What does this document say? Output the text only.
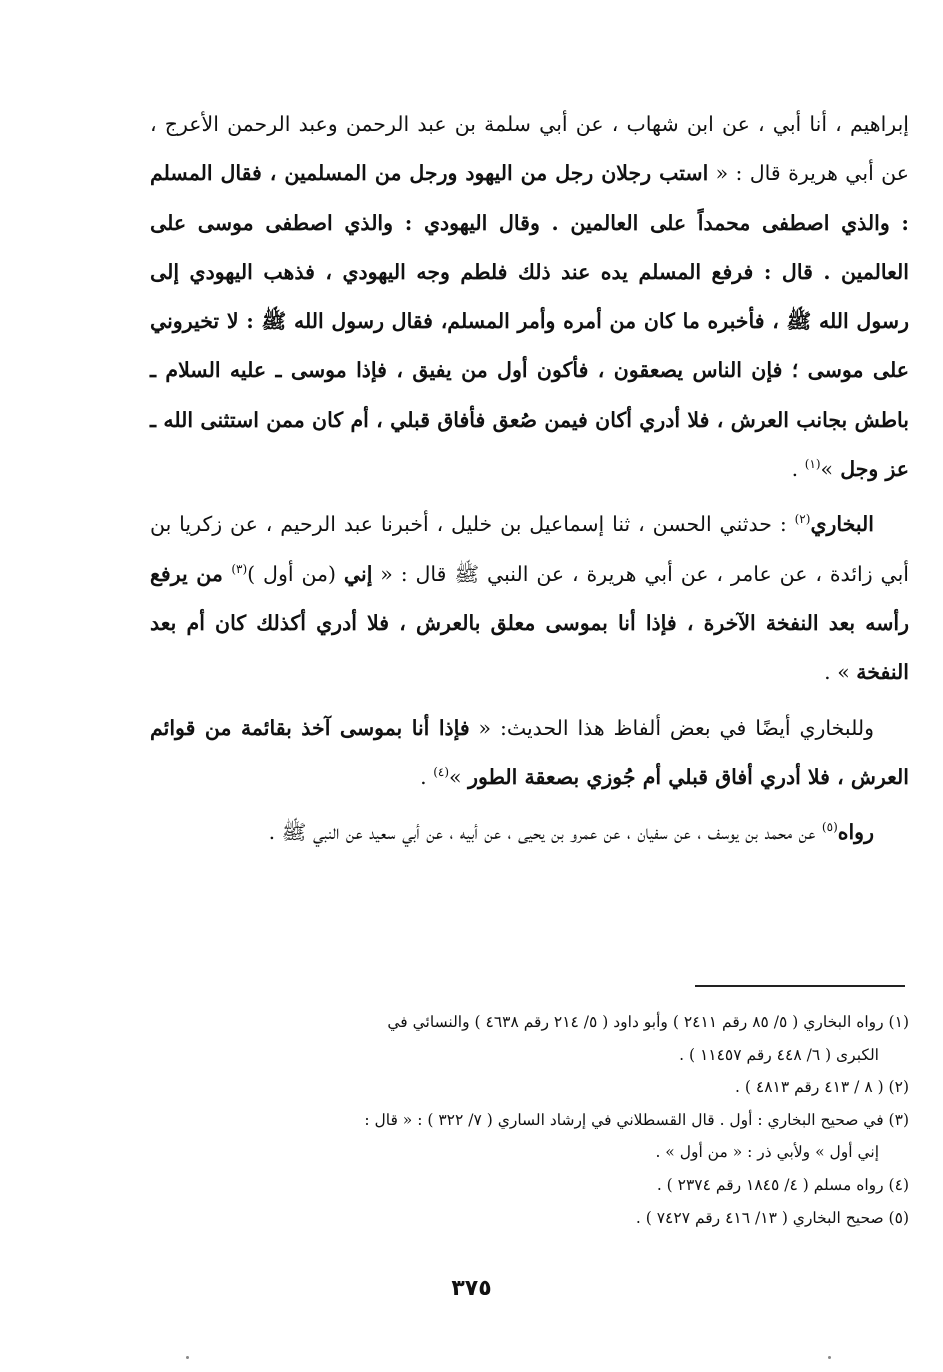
إبراهيم ، أنا أبي ، عن ابن شهاب ، عن أبي سلمة بن عبد الرحمن وعبد الرحمن الأعرج ، عن أبي هريرة قال : « استب رجلان رجل من اليهود ورجل من المسلمين ، فقال المسلم : والذي اصطفى محمداً على العالمين . وقال اليهودي : والذي اصطفى موسى على العالمين . قال : فرفع المسلم يده عند ذلك فلطم وجه اليهودي ، فذهب اليهودي إلى رسول الله ﷺ ، فأخبره ما كان من أمره وأمر المسلم، فقال رسول الله ﷺ : لا تخيروني على موسى ؛ فإن الناس يصعقون ، فأكون أول من يفيق ، فإذا موسى ـ عليه السلام ـ باطش بجانب العرش ، فلا أدري أكان فيمن صُعق فأفاق قبلي ، أم كان ممن استثنى الله ـ عز وجل »$^{(١)}$ .

البخاري$^{(٢)}$ : حدثني الحسن ، ثنا إسماعيل بن خليل ، أخبرنا عبد الرحيم ، عن زكريا بن أبي زائدة ، عن عامر ، عن أبي هريرة ، عن النبي ﷺ قال : « إني (من أول )$^{(٣)}$ من يرفع رأسه بعد النفخة الآخرة ، فإذا أنا بموسى معلق بالعرش ، فلا أدري أكذلك كان أم بعد النفخة » .

وللبخاري أيضًا في بعض ألفاظ هذا الحديث: « فإذا أنا بموسى آخذ بقائمة من قوائم العرش ، فلا أدري أفاق قبلي أم جُوزي بصعقة الطور »$^{(٤)}$ .

رواه$^{(٥)}$ عن محمد بن يوسف ، عن سفيان ، عن عمرو بن يحيى ، عن أبيه ، عن أبي سعيد عن النبي ﷺ .

(١) رواه البخاري ( ٥/ ٨٥ رقم ٢٤١١ ) وأبو داود ( ٥/ ٢١٤ رقم ٤٦٣٨ ) والنسائي في
الكبرى ( ٦/ ٤٤٨ رقم ١١٤٥٧ ) .

(٢) ( ٨ / ٤١٣ رقم ٤٨١٣ ) .

(٣) في صحيح البخاري : أول . قال القسطلاني في إرشاد الساري ( ٧/ ٣٢٢ ) : « قال :
إني أول » ولأبي ذر : « من أول » .

(٤) رواه مسلم ( ٤/ ١٨٤٥ رقم ٢٣٧٤ ) .

(٥) صحيح البخاري ( ١٣/ ٤١٦ رقم ٧٤٢٧ ) .

٣٧٥
